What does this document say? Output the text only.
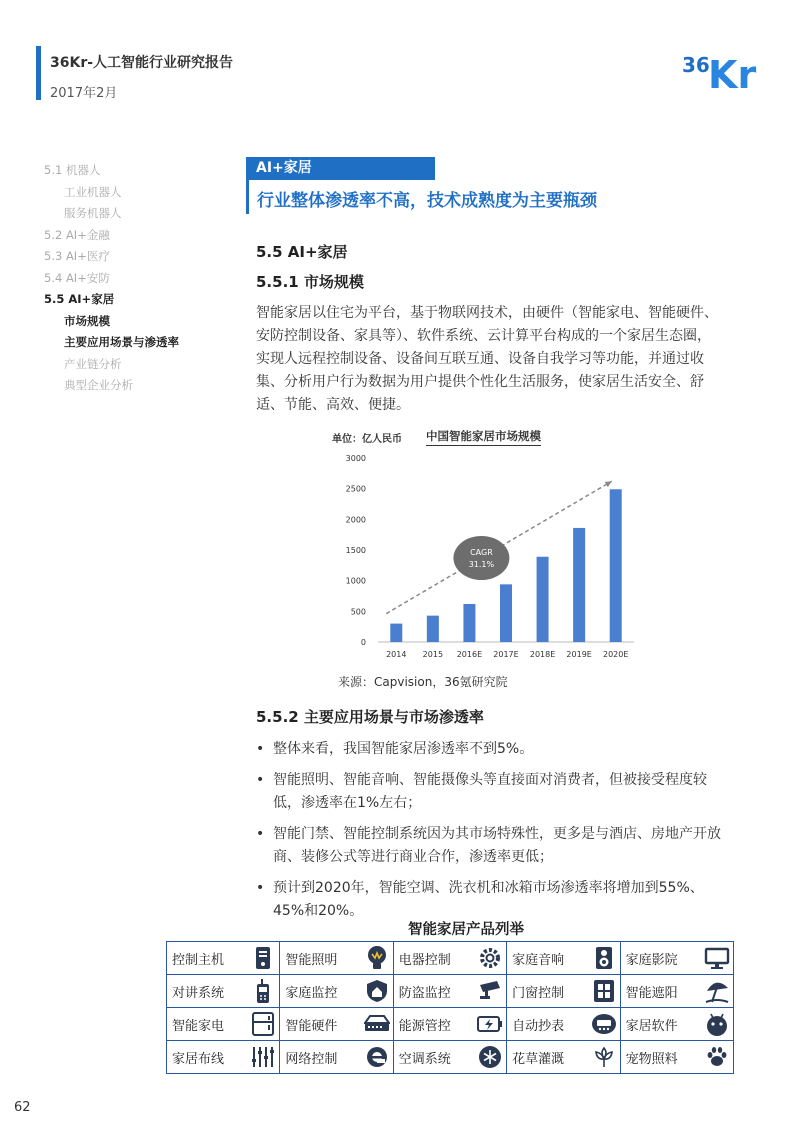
36Kr-人工智能行业研究报告
2017年2月
36
Kr
5.1 机器人
工业机器人
服务机器人
5.2 AI+金融
5.3 AI+医疗
5.4 AI+安防
5.5 AI+家居
市场规模
主要应用场景与渗透率
产业链分析
典型企业分析
AI+家居
行业整体渗透率不高，技术成熟度为主要瓶颈
5.5 AI+家居
5.5.1 市场规模
智能家居以住宅为平台，基于物联网技术，由硬件（智能家电、智能硬件、安防控制设备、家具等）、软件系统、云计算平台构成的一个家居生态圈，实现人远程控制设备、设备间互联互通、设备自我学习等功能，并通过收集、分析用户行为数据为用户提供个性化生活服务，使家居生活安全、舒适、节能、高效、便捷。
单位：亿人民币 中国智能家居市场规模
0
500
1000
1500
2000
2500
3000
2014 2015 2016E 2017E 2018E 2019E 2020E
CAGR
31.1%
来源：Capvision，36氪研究院
5.5.2 主要应用场景与市场渗透率
• 整体来看，我国智能家居渗透率不到5%。
• 智能照明、智能音响、智能摄像头等直接面对消费者，但被接受程度较低，渗透率在1%左右；
• 智能门禁、智能控制系统因为其市场特殊性，更多是与酒店、房地产开放商、装修公式等进行商业合作，渗透率更低；
• 预计到2020年，智能空调、洗衣机和冰箱市场渗透率将增加到55%、45%和20%。
智能家居产品列举
控制主机	智能照明	电器控制	家庭音响	家庭影院

对讲系统	家庭监控	防盗监控	门窗控制	智能遮阳

智能家电	智能硬件	能源管控	自动抄表	家居软件

家居布线	网络控制	空调系统	花草灌溉	宠物照料
62
